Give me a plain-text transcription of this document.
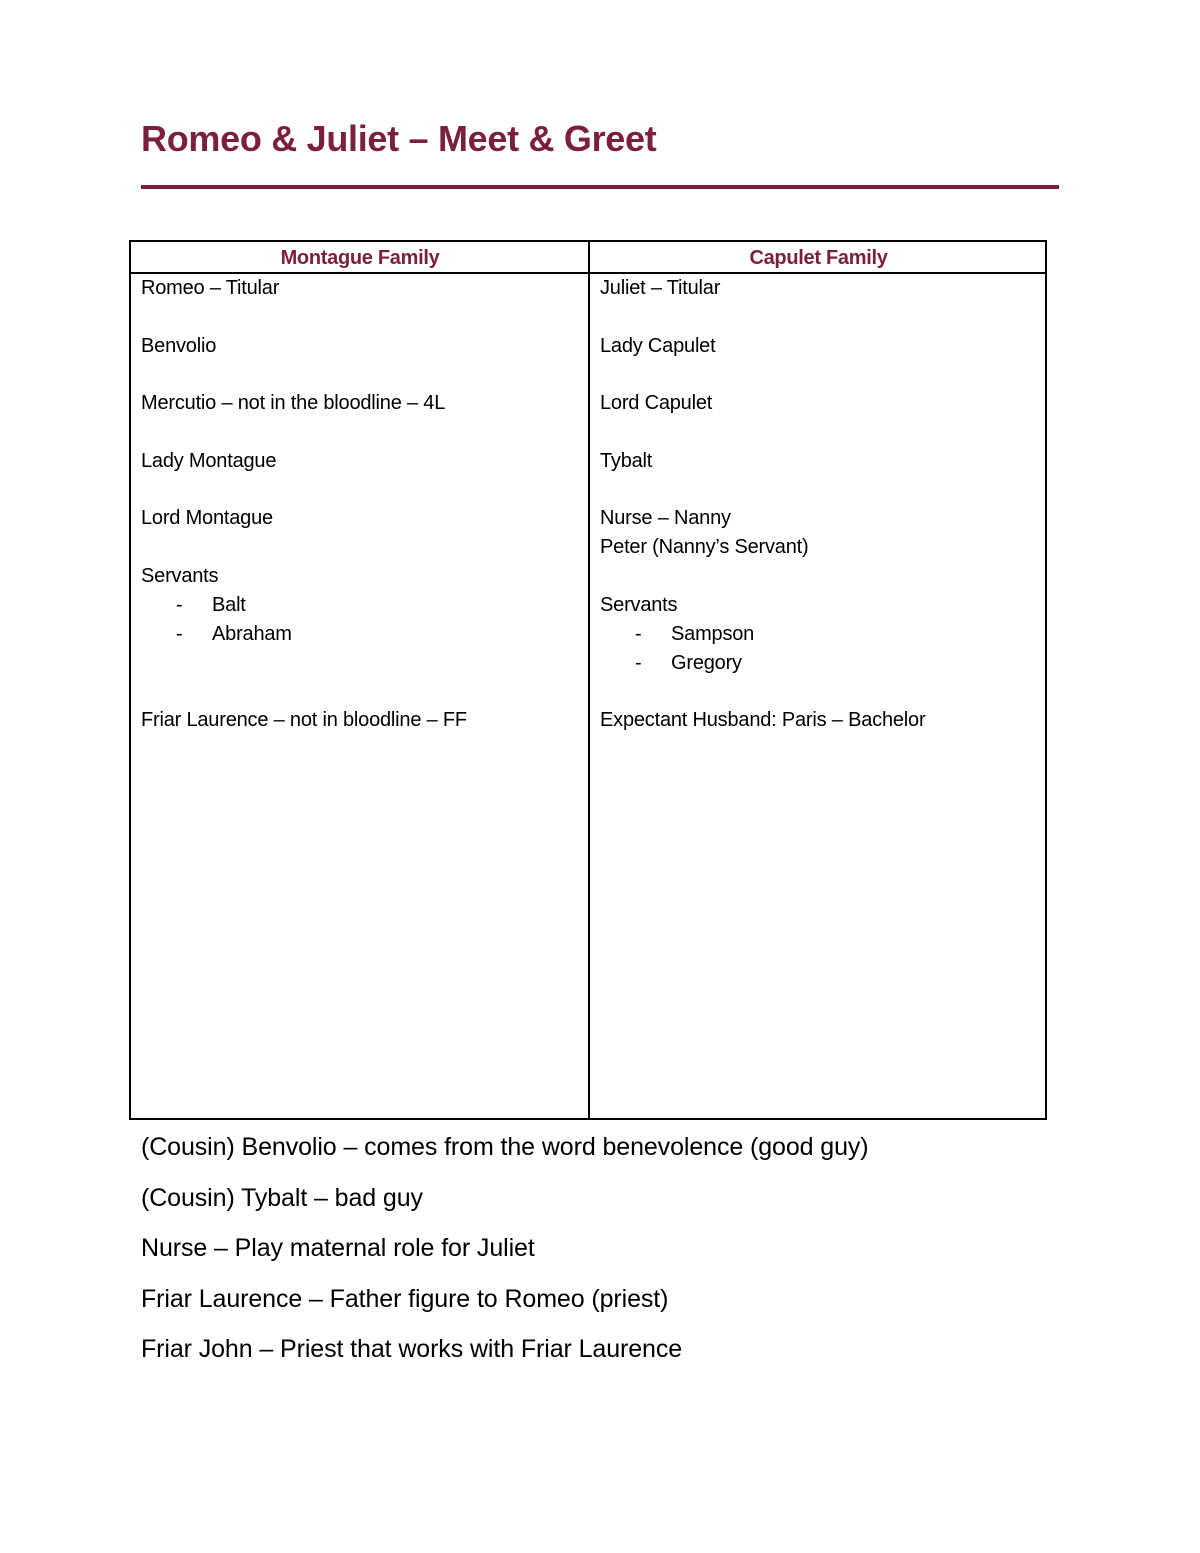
Romeo & Juliet – Meet & Greet
Montague Family	Capulet Family
Romeo – Titular
Benvolio
Mercutio – not in the bloodline – 4L
Lady Montague
Lord Montague
Servants
- Balt
- Abraham
Friar Laurence – not in bloodline – FF
Juliet – Titular
Lady Capulet
Lord Capulet
Tybalt
Nurse – Nanny
Peter (Nanny’s Servant)
Servants
- Sampson
- Gregory
Expectant Husband: Paris – Bachelor
(Cousin) Benvolio – comes from the word benevolence (good guy)
(Cousin) Tybalt – bad guy
Nurse – Play maternal role for Juliet
Friar Laurence – Father figure to Romeo (priest)
Friar John – Priest that works with Friar Laurence
